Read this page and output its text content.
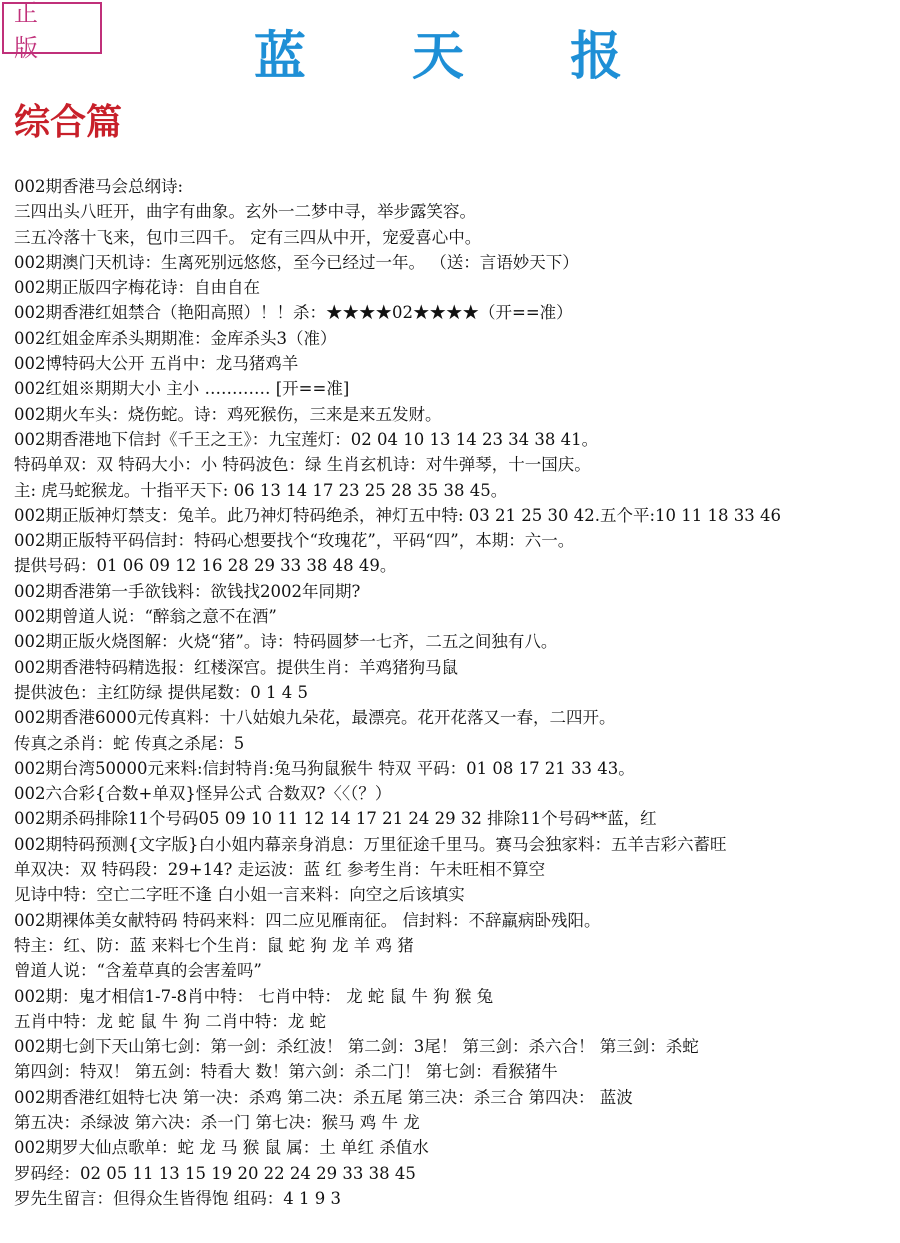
正 版	蓝 天 报
综合篇
002期香港马会总纲诗:
三四出头八旺开，曲字有曲象。玄外一二梦中寻，举步露笑容。
三五冷落十飞来，包巾三四千。 定有三四从中开，宠爱喜心中。
002期澳门天机诗：生离死别远悠悠，至今已经过一年。 （送：言语妙天下）
002期正版四字梅花诗：自由自在
002期香港红姐禁合（艳阳高照）！！杀：★★★★02★★★★（开==准）
002红姐金库杀头期期准：金库杀头3（准）
002博特码大公开 五肖中：龙马猪鸡羊
002红姐※期期大小 主小 ………… [开==准]
002期火车头：烧伤蛇。诗：鸡死猴伤，三来是来五发财。
002期香港地下信封《千王之王》：九宝莲灯：02 04 10 13 14 23 34 38 41。
特码单双：双 特码大小：小 特码波色：绿 生肖玄机诗：对牛弹琴，十一国庆。
主: 虎马蛇猴龙。十指平天下: 06 13 14 17 23 25 28 35 38 45。
002期正版神灯禁支：兔羊。此乃神灯特码绝杀，神灯五中特: 03 21 25 30 42.五个平:10 11 18 33 46
002期正版特平码信封：特码心想要找个“玫瑰花”，平码“四”，本期：六一。
提供号码：01 06 09 12 16 28 29 33 38 48 49。
002期香港第一手欲钱料：欲钱找2002年同期?
002期曾道人说：“醉翁之意不在酒”
002期正版火烧图解：火烧“猪”。诗：特码圆梦一七齐，二五之间独有八。
002期香港特码精选报：红楼深宫。提供生肖：羊鸡猪狗马鼠
提供波色：主红防绿 提供尾数：0 1 4 5
002期香港6000元传真料：十八姑娘九朵花，最漂亮。花开花落又一春，二四开。
传真之杀肖：蛇 传真之杀尾：5
002期台湾50000元来料:信封特肖:兔马狗鼠猴牛 特双 平码：01 08 17 21 33 43。
002六合彩{合数+单双}怪异公式 合数双?〈〈（？）
002期杀码排除11个号码05 09 10 11 12 14 17 21 24 29 32 排除11个号码**蓝，红
002期特码预测{文字版}白小姐内幕亲身消息：万里征途千里马。赛马会独家料：五羊吉彩六蓄旺
单双决：双 特码段：29+14? 走运波：蓝 红 参考生肖：午未旺相不算空
见诗中特：空亡二字旺不逢 白小姐一言来料：向空之后该填实
002期裸体美女献特码 特码来料：四二应见雁南征。 信封料：不辞羸病卧残阳。
特主：红、防：蓝 来料七个生肖：鼠 蛇 狗 龙 羊 鸡 猪
曾道人说：“含羞草真的会害羞吗”
002期：鬼才相信1-7-8肖中特： 七肖中特： 龙 蛇 鼠 牛 狗 猴 兔
五肖中特：龙 蛇 鼠 牛 狗 二肖中特：龙 蛇
002期七剑下天山第七剑：第一剑：杀红波！ 第二剑：3尾！ 第三剑：杀六合！ 第三剑：杀蛇
第四剑：特双！ 第五剑：特看大 数！第六剑：杀二门！ 第七剑：看猴猪牛
002期香港红姐特七决 第一决：杀鸡 第二决：杀五尾 第三决：杀三合 第四决： 蓝波
第五决：杀绿波 第六决：杀一门 第七决：猴马 鸡 牛 龙
002期罗大仙点歌单：蛇 龙 马 猴 鼠 属：土 单红 杀值水
罗码经：02 05 11 13 15 19 20 22 24 29 33 38 45
罗先生留言：但得众生皆得饱 组码：4 1 9 3
